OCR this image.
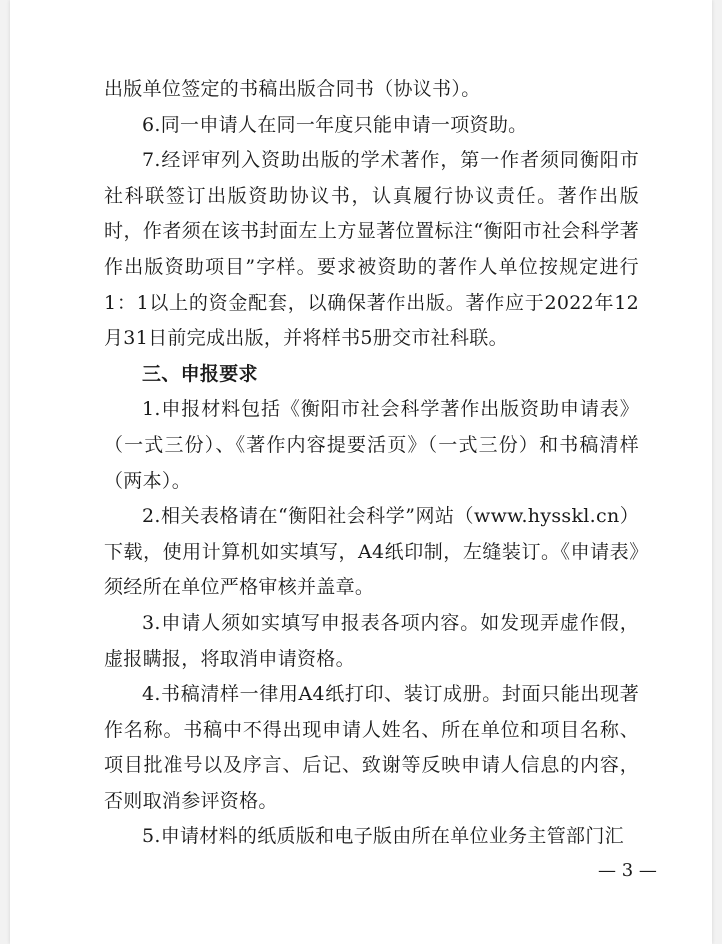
出版单位签定的书稿出版合同书（协议书）。

6.同一申请人在同一年度只能申请一项资助。

7.经评审列入资助出版的学术著作，第一作者须同衡阳市社科联签订出版资助协议书，认真履行协议责任。著作出版时，作者须在该书封面左上方显著位置标注“衡阳市社会科学著作出版资助项目”字样。要求被资助的著作人单位按规定进行1：1以上的资金配套，以确保著作出版。著作应于2022年12月31日前完成出版，并将样书5册交市社科联。

三、申报要求

1.申报材料包括《衡阳市社会科学著作出版资助申请表》（一式三份）、《著作内容提要活页》（一式三份）和书稿清样（两本）。

2.相关表格请在“衡阳社会科学”网站（www.hysskl.cn）下载，使用计算机如实填写，A4纸印制，左缝装订。《申请表》须经所在单位严格审核并盖章。

3.申请人须如实填写申报表各项内容。如发现弄虚作假，虚报瞒报，将取消申请资格。

4.书稿清样一律用A4纸打印、装订成册。封面只能出现著作名称。书稿中不得出现申请人姓名、所在单位和项目名称、项目批准号以及序言、后记、致谢等反映申请人信息的内容，否则取消参评资格。

5.申请材料的纸质版和电子版由所在单位业务主管部门汇

— 3 —
